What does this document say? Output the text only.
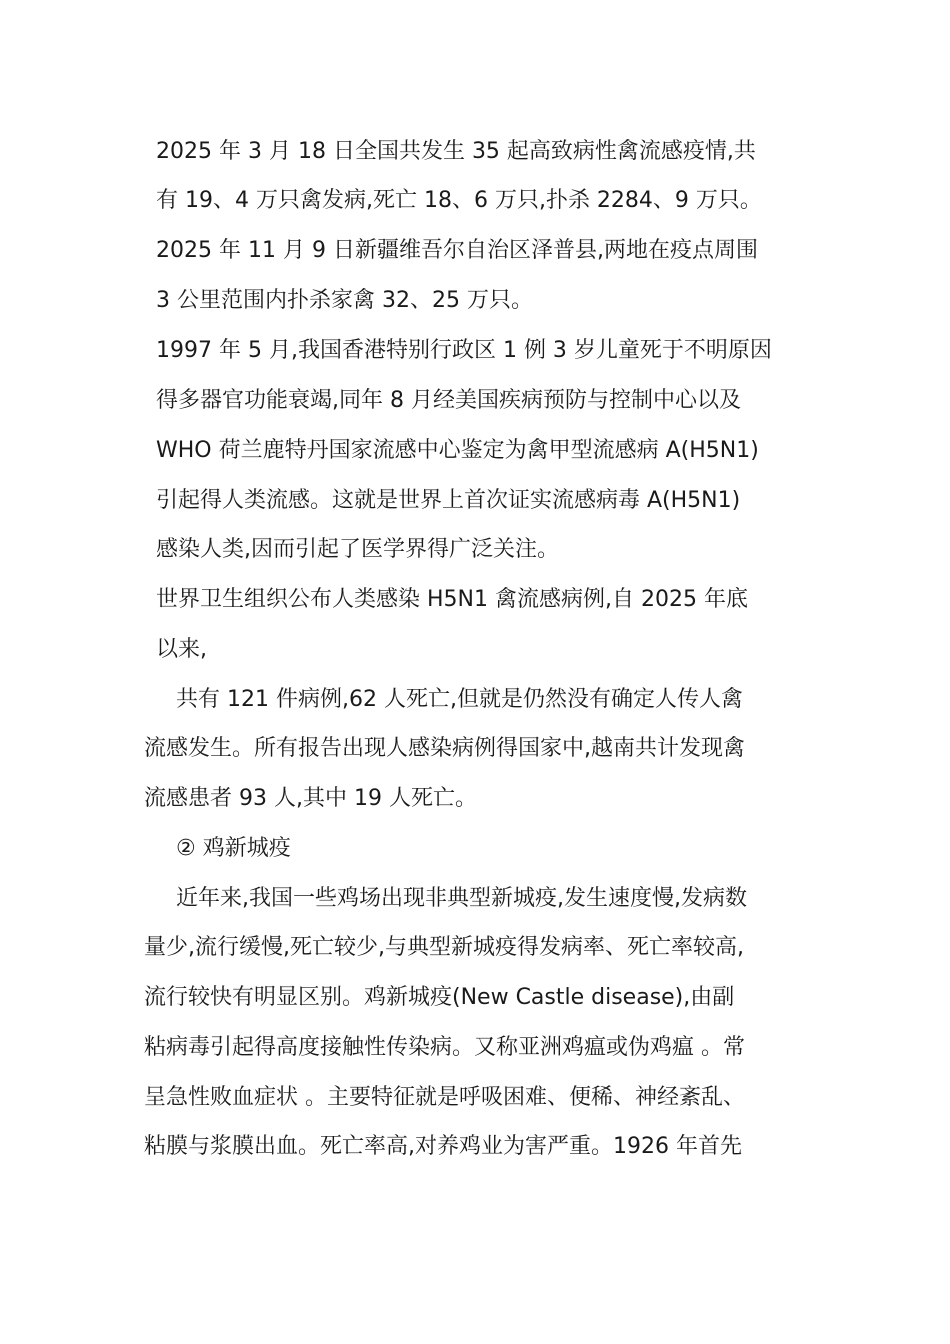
2025 年 3 月 18 日全国共发生 35 起高致病性禽流感疫情,共
有 19、4 万只禽发病,死亡 18、6 万只,扑杀 2284、9 万只。
2025 年 11 月 9 日新疆维吾尔自治区泽普县,两地在疫点周围
3 公里范围内扑杀家禽 32、25 万只。
1997 年 5 月,我国香港特别行政区 1 例 3 岁儿童死于不明原因
得多器官功能衰竭,同年 8 月经美国疾病预防与控制中心以及
WHO 荷兰鹿特丹国家流感中心鉴定为禽甲型流感病 A(H5N1)
引起得人类流感。这就是世界上首次证实流感病毒 A(H5N1)
感染人类,因而引起了医学界得广泛关注。
世界卫生组织公布人类感染 H5N1 禽流感病例,自 2025 年底
以来,
共有 121 件病例,62 人死亡,但就是仍然没有确定人传人禽
流感发生。所有报告出现人感染病例得国家中,越南共计发现禽
流感患者 93 人,其中 19 人死亡。
② 鸡新城疫
近年来,我国一些鸡场出现非典型新城疫,发生速度慢,发病数
量少,流行缓慢,死亡较少,与典型新城疫得发病率、死亡率较高,
流行较快有明显区别。鸡新城疫(New Castle disease),由副
粘病毒引起得高度接触性传染病。又称亚洲鸡瘟或伪鸡瘟 。常
呈急性败血症状 。主要特征就是呼吸困难、便稀、神经紊乱、
粘膜与浆膜出血。死亡率高,对养鸡业为害严重。1926 年首先
